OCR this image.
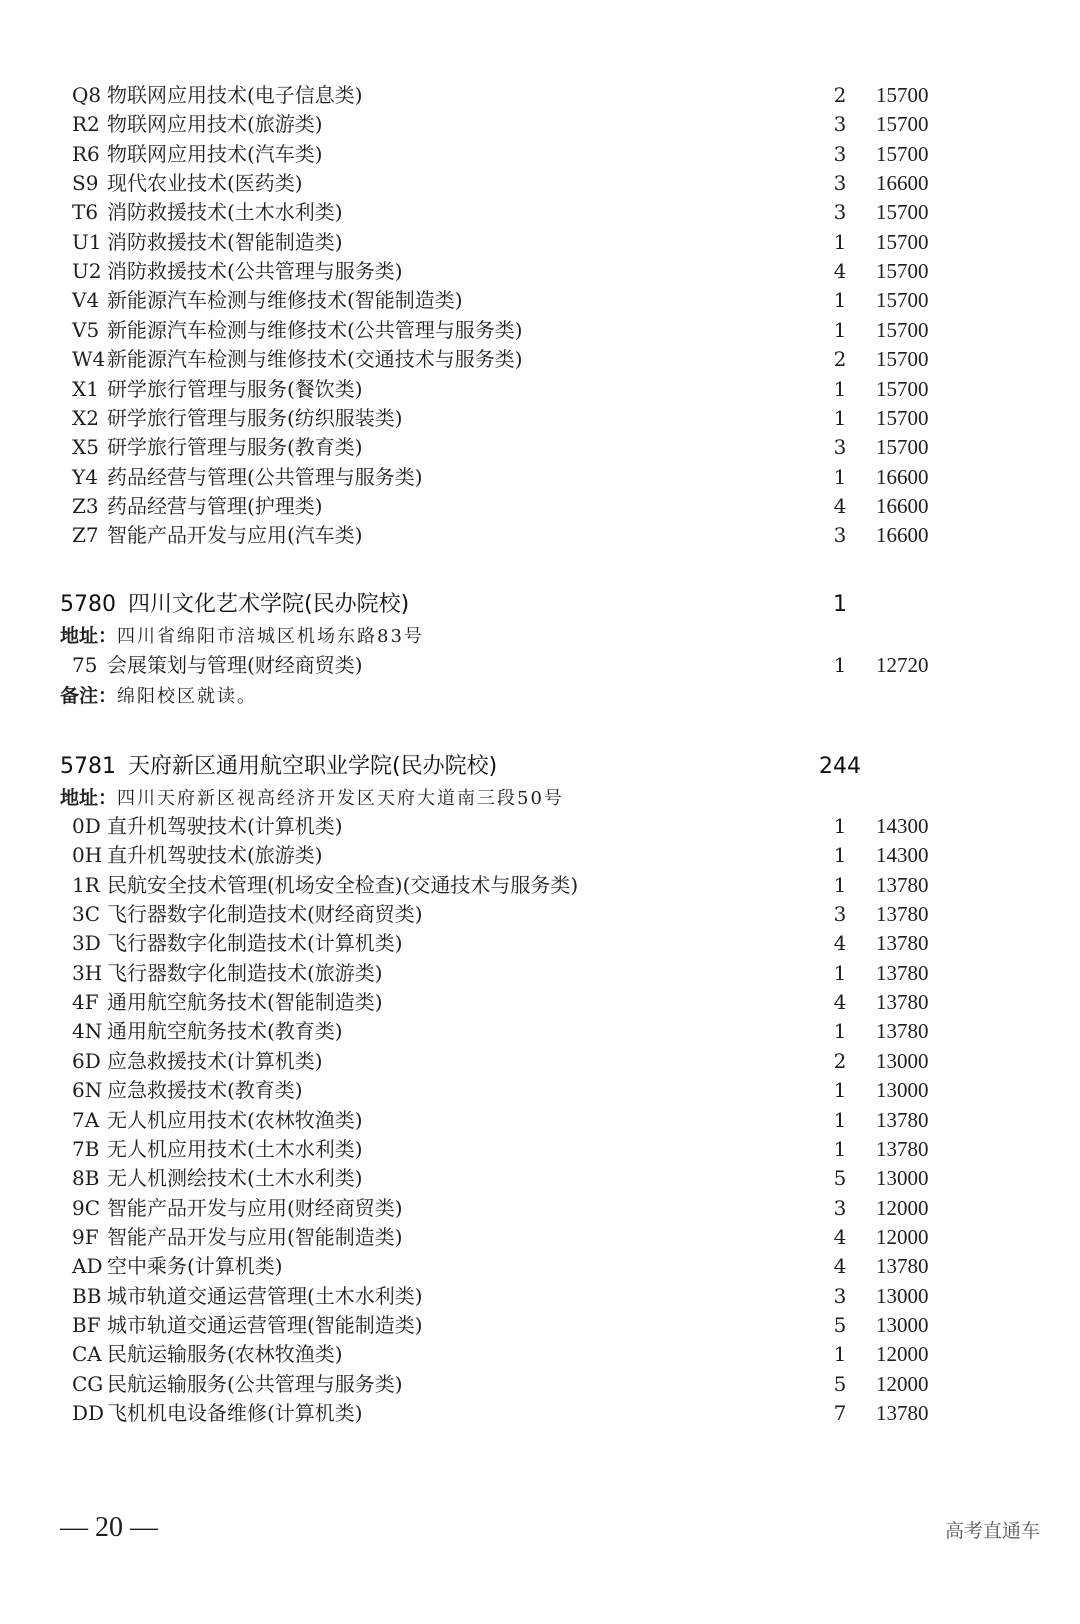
Q8 物联网应用技术(电子信息类)	2 15700
R2 物联网应用技术(旅游类)	3 15700
R6 物联网应用技术(汽车类)	3 15700
S9 现代农业技术(医药类)	3 16600
T6 消防救援技术(土木水利类)	3 15700
U1 消防救援技术(智能制造类)	1 15700
U2 消防救援技术(公共管理与服务类)	4 15700
V4 新能源汽车检测与维修技术(智能制造类)	1 15700
V5 新能源汽车检测与维修技术(公共管理与服务类)	1 15700
W4 新能源汽车检测与维修技术(交通技术与服务类)	2 15700
X1 研学旅行管理与服务(餐饮类)	1 15700
X2 研学旅行管理与服务(纺织服装类)	1 15700
X5 研学旅行管理与服务(教育类)	3 15700
Y4 药品经营与管理(公共管理与服务类)	1 16600
Z3 药品经营与管理(护理类)	4 16600
Z7 智能产品开发与应用(汽车类)	3 16600
5780 四川文化艺术学院(民办院校)	1
地址：四川省绵阳市涪城区机场东路83号
75 会展策划与管理(财经商贸类)	1 12720
备注：绵阳校区就读。
5781 天府新区通用航空职业学院(民办院校)	244
地址：四川天府新区视高经济开发区天府大道南三段50号
0D 直升机驾驶技术(计算机类)	1 14300
0H 直升机驾驶技术(旅游类)	1 14300
1R 民航安全技术管理(机场安全检查)(交通技术与服务类)	1 13780
3C 飞行器数字化制造技术(财经商贸类)	3 13780
3D 飞行器数字化制造技术(计算机类)	4 13780
3H 飞行器数字化制造技术(旅游类)	1 13780
4F 通用航空航务技术(智能制造类)	4 13780
4N 通用航空航务技术(教育类)	1 13780
6D 应急救援技术(计算机类)	2 13000
6N 应急救援技术(教育类)	1 13000
7A 无人机应用技术(农林牧渔类)	1 13780
7B 无人机应用技术(土木水利类)	1 13780
8B 无人机测绘技术(土木水利类)	5 13000
9C 智能产品开发与应用(财经商贸类)	3 12000
9F 智能产品开发与应用(智能制造类)	4 12000
AD 空中乘务(计算机类)	4 13780
BB 城市轨道交通运营管理(土木水利类)	3 13000
BF 城市轨道交通运营管理(智能制造类)	5 13000
CA 民航运输服务(农林牧渔类)	1 12000
CG 民航运输服务(公共管理与服务类)	5 12000
DD 飞机机电设备维修(计算机类)	7 13780
— 20 —	高考直通车
